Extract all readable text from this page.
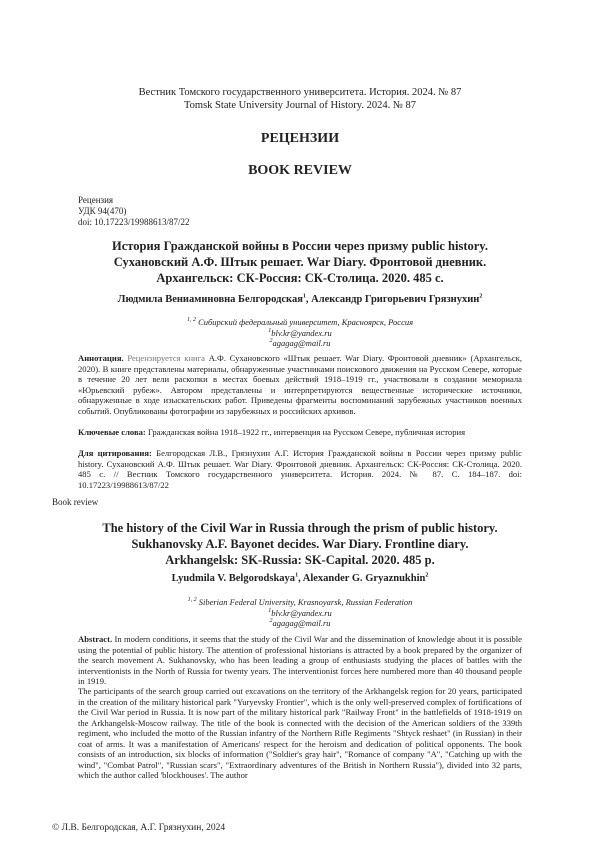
Вестник Томского государственного университета. История. 2024. № 87
Tomsk State University Journal of History. 2024. № 87
РЕЦЕНЗИИ
BOOK REVIEW
Рецензия
УДК 94(470)
doi: 10.17223/19988613/87/22
История Гражданской войны в России через призму public history.
Сухановский А.Ф. Штык решает. War Diary. Фронтовой дневник.
Архангельск: СК-Россия: СК-Столица. 2020. 485 с.
Людмила Вениаминовна Белгородская1, Александр Григорьевич Грязнухин2
1, 2 Сибирский федеральный университет, Красноярск, Россия
1blv.kr@yandex.ru
2agagag@mail.ru
Аннотация. Рецензируется книга А.Ф. Сухановского «Штык решает. War Diary. Фронтовой дневник» (Архангельск, 2020). В книге представлены материалы, обнаруженные участниками поискового движения на Русском Севере, которые в течение 20 лет вели раскопки в местах боевых действий 1918–1919 гг., участвовали в создании мемориала «Юрьевский рубеж». Автором представлены и интерпретируются вещественные исторические источники, обнаруженные в ходе изыскательских работ. Приведены фрагменты воспоминаний зарубежных участников военных событий. Опубликованы фотографии из зарубежных и российских архивов.
Ключевые слова: Гражданская война 1918–1922 гг., интервенция на Русском Севере, публичная история
Для цитирования: Белгородская Л.В., Грязнухин А.Г. История Гражданской войны в России через призму public history. Сухановский А.Ф. Штык решает. War Diary. Фронтовой дневник. Архангельск: СК-Россия: СК-Столица. 2020. 485 с. // Вестник Томского государственного университета. История. 2024. № 87. С. 184–187. doi: 10.17223/19988613/87/22
Book review
The history of the Civil War in Russia through the prism of public history.
Sukhanovsky A.F. Bayonet decides. War Diary. Frontline diary.
Arkhangelsk: SK-Russia: SK-Capital. 2020. 485 p.
Lyudmila V. Belgorodskaya1, Alexander G. Gryaznukhin2
1, 2 Siberian Federal University, Krasnoyarsk, Russian Federation
1blv.kr@yandex.ru
2agagag@mail.ru
Abstract. In modern conditions, it seems that the study of the Civil War and the dissemination of knowledge about it is possible using the potential of public history. The attention of professional historians is attracted by a book prepared by the organizer of the search movement A. Sukhanovsky, who has been leading a group of enthusiasts studying the places of battles with the interventionists in the North of Russia for twenty years. The interventionist forces here numbered more than 40 thousand people in 1919.
The participants of the search group carried out excavations on the territory of the Arkhangelsk region for 20 years, participated in the creation of the military historical park "Yuryevsky Frontier", which is the only well-preserved complex of fortifications of the Civil War period in Russia. It is now part of the military historical park "Railway Front" in the battlefields of 1918-1919 on the Arkhangelsk-Moscow railway. The title of the book is connected with the decision of the American soldiers of the 339th regiment, who included the motto of the Russian infantry of the Northern Rifle Regiments "Shtyck reshaet" (in Russian) in their coat of arms. It was a manifestation of Americans' respect for the heroism and dedication of political opponents. The book consists of an introduction, six blocks of information ("Soldier's gray hair", "Romance of company "A", "Catching up with the wind", "Combat Patrol", "Russian scars", "Extraordinary adventures of the British in Northern Russia"), divided into 32 parts, which the author called 'blockhouses'. The author
© Л.В. Белгородская, А.Г. Грязнухин, 2024
